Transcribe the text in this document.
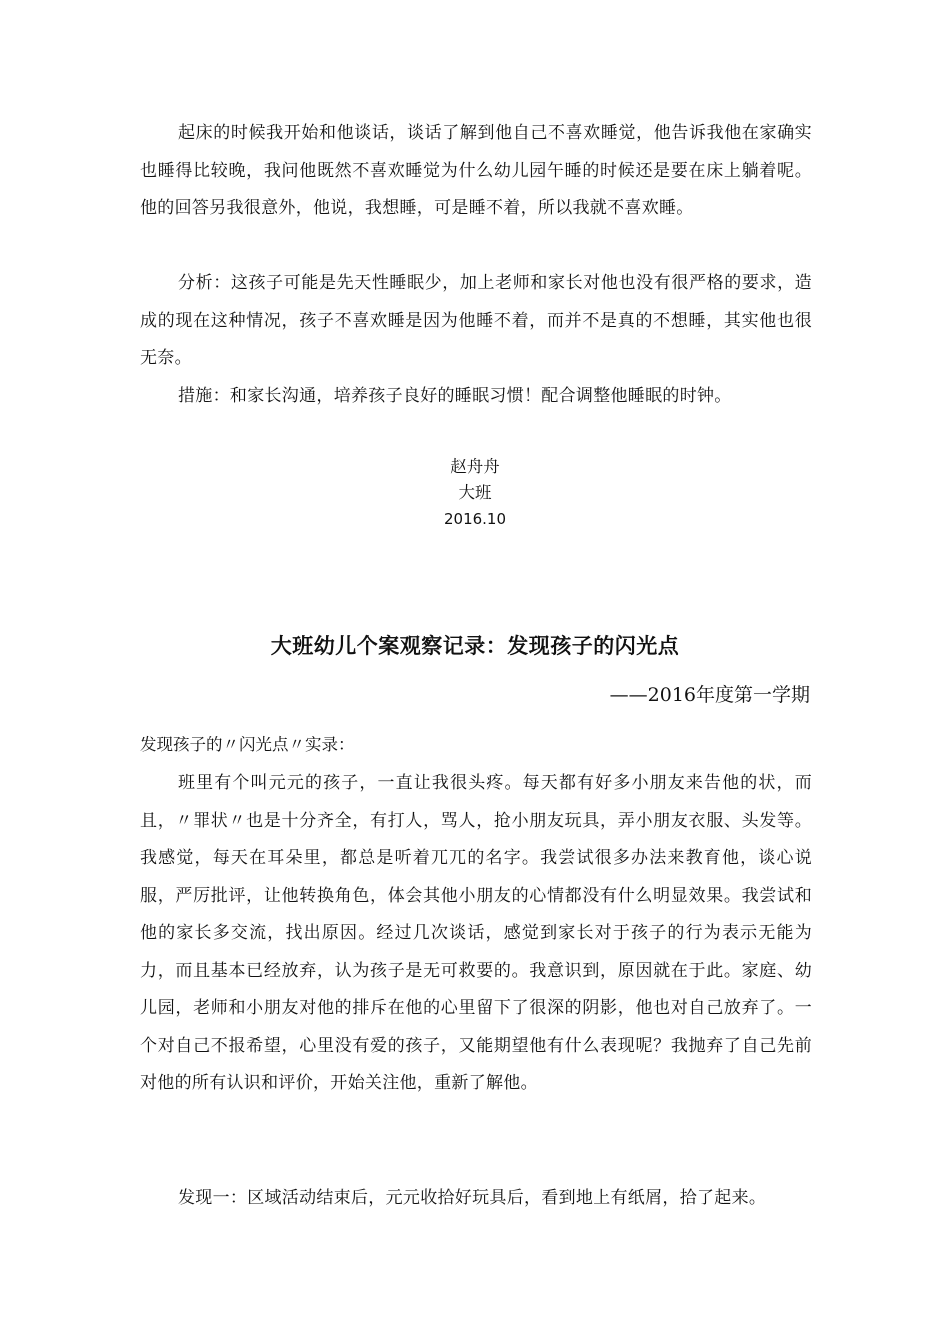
起床的时候我开始和他谈话，谈话了解到他自己不喜欢睡觉，他告诉我他在家确实也睡得比较晚，我问他既然不喜欢睡觉为什么幼儿园午睡的时候还是要在床上躺着呢。他的回答另我很意外，他说，我想睡，可是睡不着，所以我就不喜欢睡。

分析：这孩子可能是先天性睡眠少，加上老师和家长对他也没有很严格的要求，造成的现在这种情况，孩子不喜欢睡是因为他睡不着，而并不是真的不想睡，其实他也很无奈。

措施：和家长沟通，培养孩子良好的睡眠习惯！配合调整他睡眠的时钟。

赵舟舟
大班
2016.10
大班幼儿个案观察记录：发现孩子的闪光点
——2016年度第一学期
发现孩子的〃闪光点〃实录：

班里有个叫元元的孩子，一直让我很头疼。每天都有好多小朋友来告他的状，而且，〃罪状〃也是十分齐全，有打人，骂人，抢小朋友玩具，弄小朋友衣服、头发等。我感觉，每天在耳朵里，都总是听着兀兀的名字。我尝试很多办法来教育他，谈心说服，严厉批评，让他转换角色，体会其他小朋友的心情都没有什么明显效果。我尝试和他的家长多交流，找出原因。经过几次谈话，感觉到家长对于孩子的行为表示无能为力，而且基本已经放弃，认为孩子是无可救要的。我意识到，原因就在于此。家庭、幼儿园，老师和小朋友对他的排斥在他的心里留下了很深的阴影，他也对自己放弃了。一个对自己不报希望，心里没有爱的孩子，又能期望他有什么表现呢？我抛弃了自己先前对他的所有认识和评价，开始关注他，重新了解他。

发现一：区域活动结束后，元元收拾好玩具后，看到地上有纸屑，拾了起来。
